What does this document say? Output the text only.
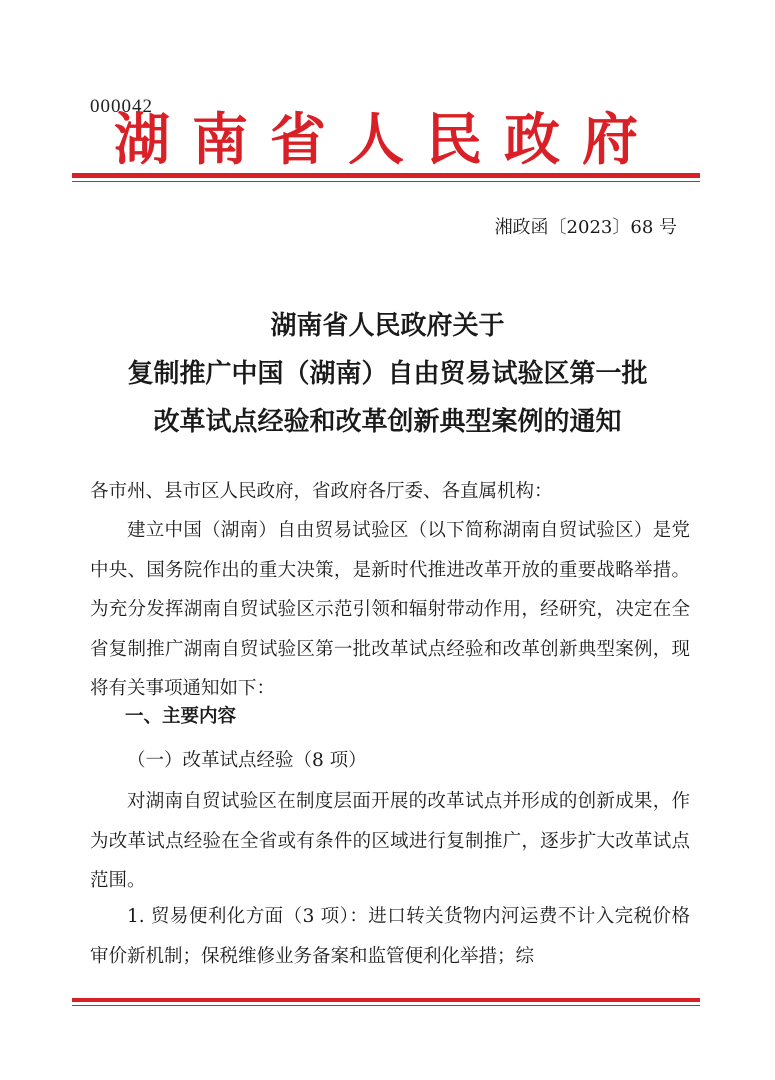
000042
湖南省人民政府
湘政函〔2023〕68 号
湖南省人民政府关于
复制推广中国（湖南）自由贸易试验区第一批
改革试点经验和改革创新典型案例的通知
各市州、县市区人民政府，省政府各厅委、各直属机构：
建立中国（湖南）自由贸易试验区（以下简称湖南自贸试验区）是党中央、国务院作出的重大决策，是新时代推进改革开放的重要战略举措。为充分发挥湖南自贸试验区示范引领和辐射带动作用，经研究，决定在全省复制推广湖南自贸试验区第一批改革试点经验和改革创新典型案例，现将有关事项通知如下：
一、主要内容
（一）改革试点经验（8 项）
对湖南自贸试验区在制度层面开展的改革试点并形成的创新成果，作为改革试点经验在全省或有条件的区域进行复制推广，逐步扩大改革试点范围。
1. 贸易便利化方面（3 项）：进口转关货物内河运费不计入完税价格审价新机制；保税维修业务备案和监管便利化举措；综
